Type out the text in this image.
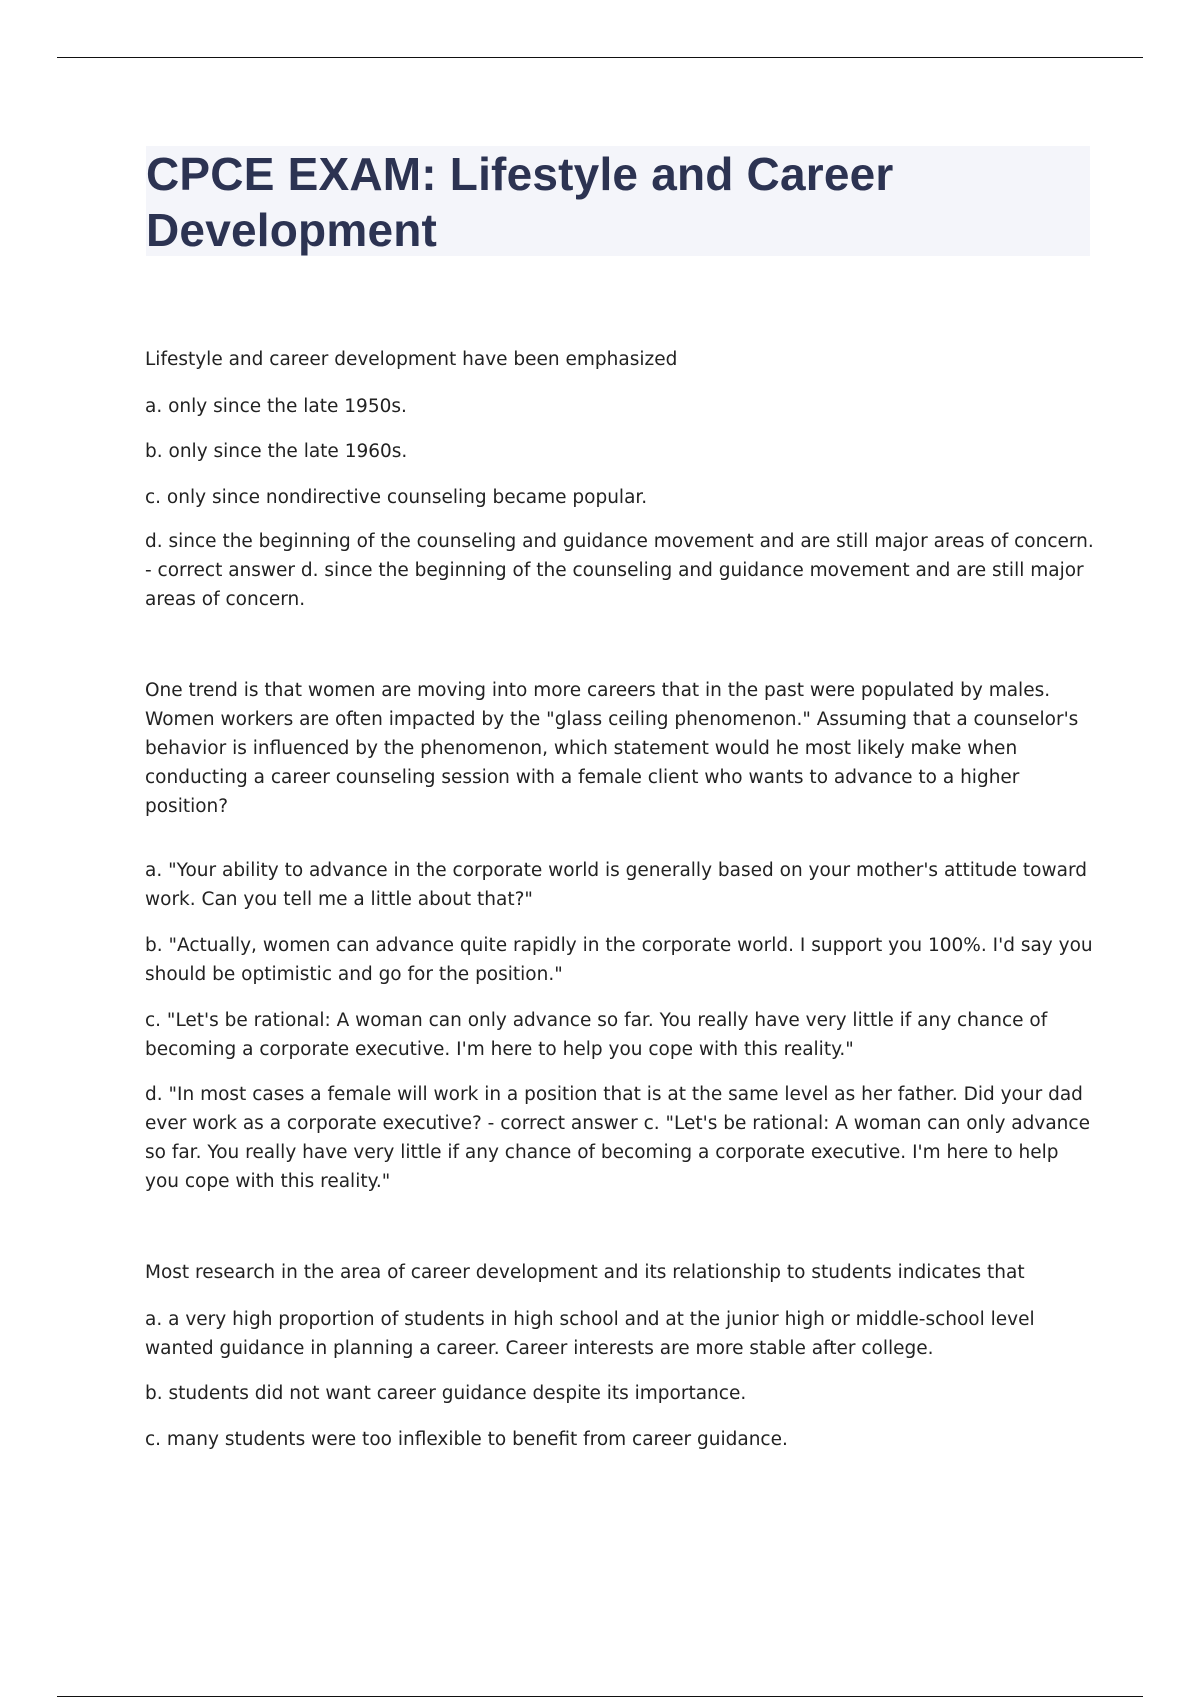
CPCE EXAM: Lifestyle and Career Development
Lifestyle and career development have been emphasized
a. only since the late 1950s.
b. only since the late 1960s.
c. only since nondirective counseling became popular.
d. since the beginning of the counseling and guidance movement and are still major areas of concern. - correct answer d. since the beginning of the counseling and guidance movement and are still major areas of concern.
One trend is that women are moving into more careers that in the past were populated by males. Women workers are often impacted by the "glass ceiling phenomenon." Assuming that a counselor's behavior is influenced by the phenomenon, which statement would he most likely make when conducting a career counseling session with a female client who wants to advance to a higher position?
a. "Your ability to advance in the corporate world is generally based on your mother's attitude toward work. Can you tell me a little about that?"
b. "Actually, women can advance quite rapidly in the corporate world. I support you 100%. I'd say you should be optimistic and go for the position."
c. "Let's be rational: A woman can only advance so far. You really have very little if any chance of becoming a corporate executive. I'm here to help you cope with this reality."
d. "In most cases a female will work in a position that is at the same level as her father. Did your dad ever work as a corporate executive? - correct answer c. "Let's be rational: A woman can only advance so far. You really have very little if any chance of becoming a corporate executive. I'm here to help you cope with this reality."
Most research in the area of career development and its relationship to students indicates that
a. a very high proportion of students in high school and at the junior high or middle-school level wanted guidance in planning a career. Career interests are more stable after college.
b. students did not want career guidance despite its importance.
c. many students were too inflexible to benefit from career guidance.
